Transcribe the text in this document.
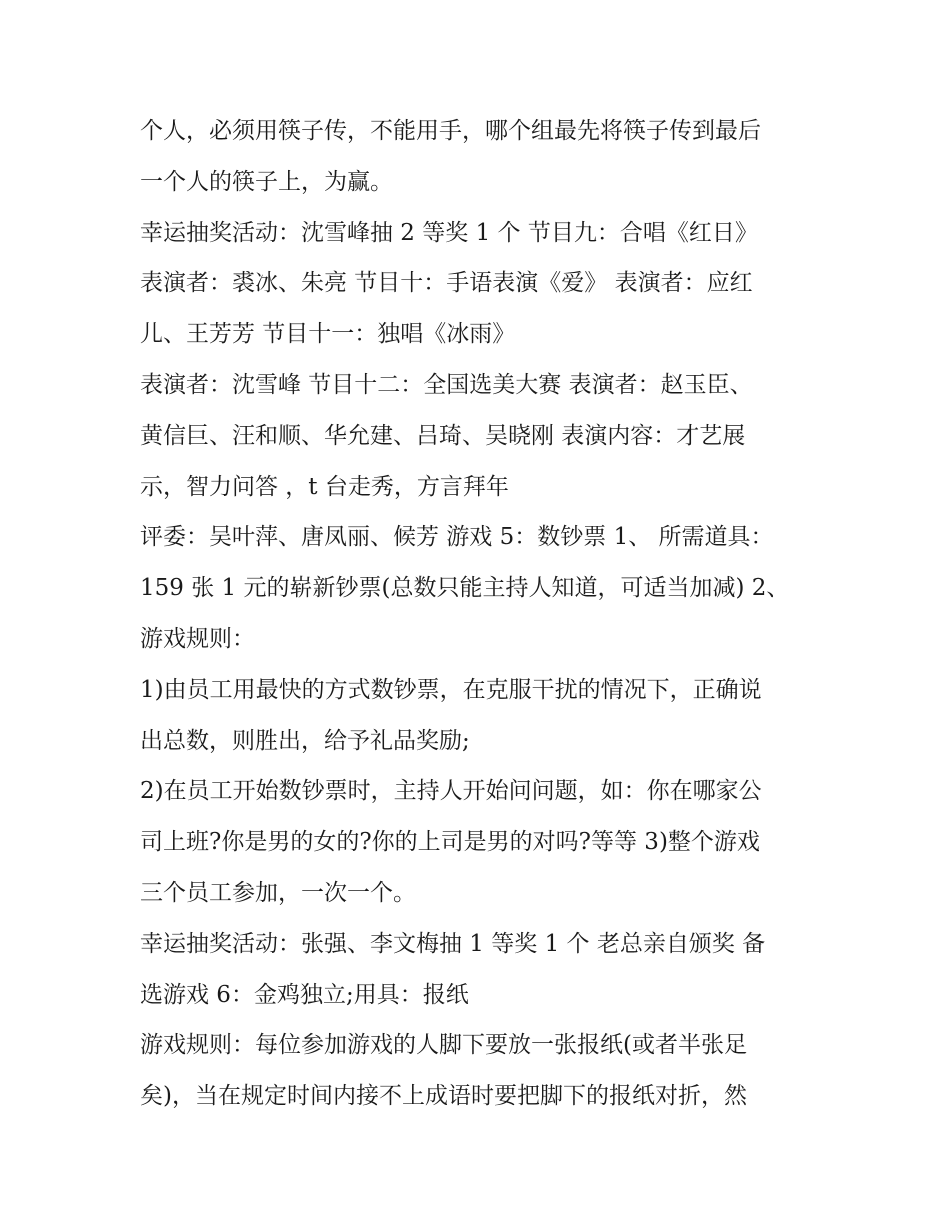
个人，必须用筷子传，不能用手，哪个组最先将筷子传到最后
一个人的筷子上，为赢。
幸运抽奖活动：沈雪峰抽 2 等奖 1 个 节目九：合唱《红日》
表演者：裘冰、朱亮 节目十：手语表演《爱》 表演者：应红
儿、王芳芳 节目十一：独唱《冰雨》
表演者：沈雪峰 节目十二：全国选美大赛 表演者：赵玉臣、
黄信巨、汪和顺、华允建、吕琦、吴晓刚 表演内容：才艺展
示，智力问答 ，t 台走秀，方言拜年
评委：吴叶萍、唐凤丽、候芳 游戏 5：数钞票 1、 所需道具：
159 张 1 元的崭新钞票(总数只能主持人知道，可适当加减) 2、
游戏规则：
1)由员工用最快的方式数钞票，在克服干扰的情况下，正确说
出总数，则胜出，给予礼品奖励;
2)在员工开始数钞票时，主持人开始问问题，如：你在哪家公
司上班?你是男的女的?你的上司是男的对吗?等等 3)整个游戏
三个员工参加，一次一个。
幸运抽奖活动：张强、李文梅抽 1 等奖 1 个 老总亲自颁奖 备
选游戏 6：金鸡独立;用具：报纸
游戏规则：每位参加游戏的人脚下要放一张报纸(或者半张足
矣)，当在规定时间内接不上成语时要把脚下的报纸对折，然
